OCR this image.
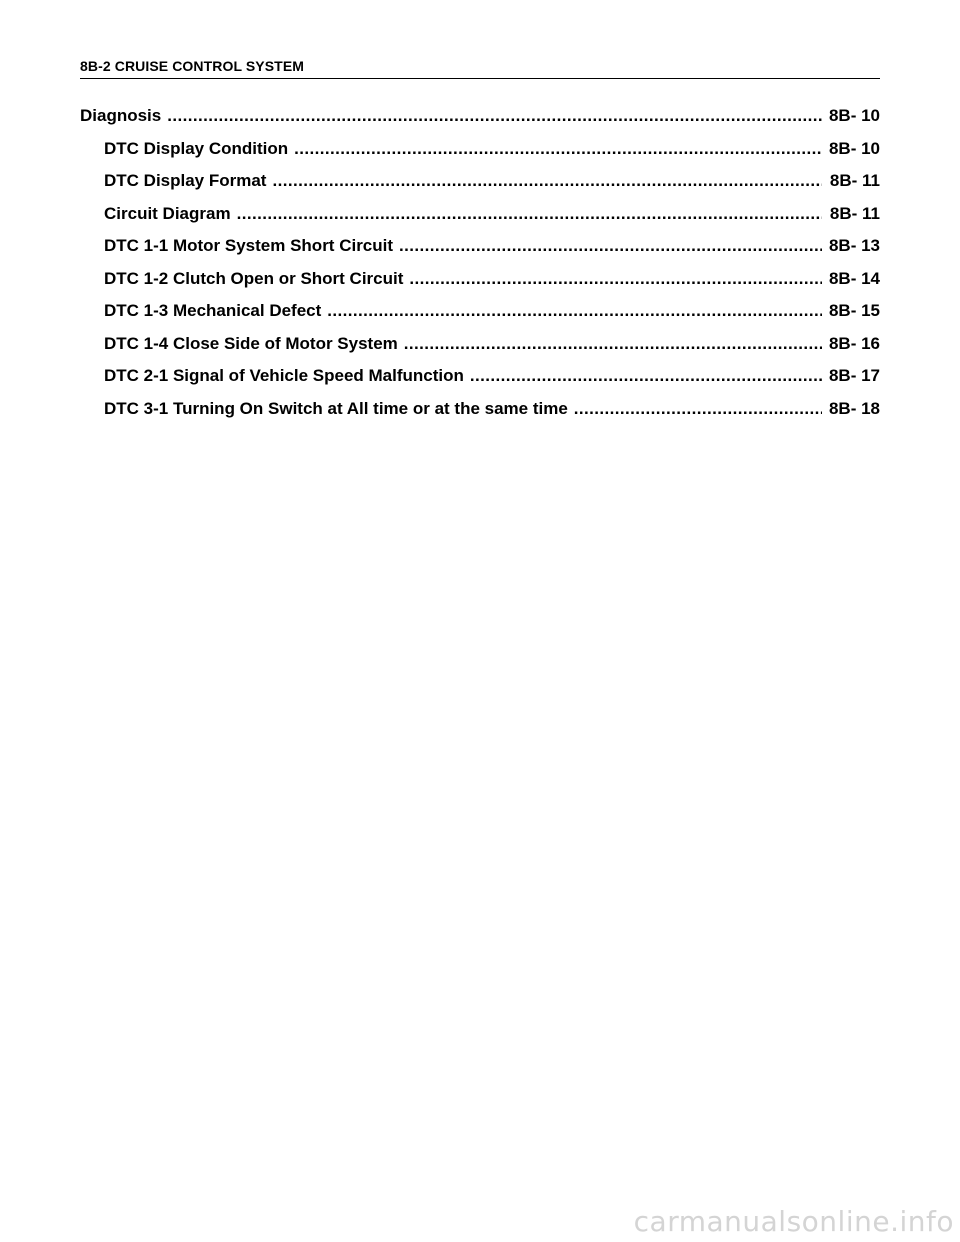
8B-2 CRUISE CONTROL SYSTEM
Diagnosis .....	8B- 10
DTC Display Condition .....	8B- 10
DTC Display Format .....	8B- 11
Circuit Diagram .....	8B- 11
DTC 1-1 Motor System Short Circuit .....	8B- 13
DTC 1-2 Clutch Open or Short Circuit .....	8B- 14
DTC 1-3 Mechanical Defect .....	8B- 15
DTC 1-4 Close Side of Motor System .....	8B- 16
DTC 2-1 Signal of Vehicle Speed Malfunction .....	8B- 17
DTC 3-1 Turning On Switch at All time or at the same time .....	8B- 18
carmanualsonline.info
